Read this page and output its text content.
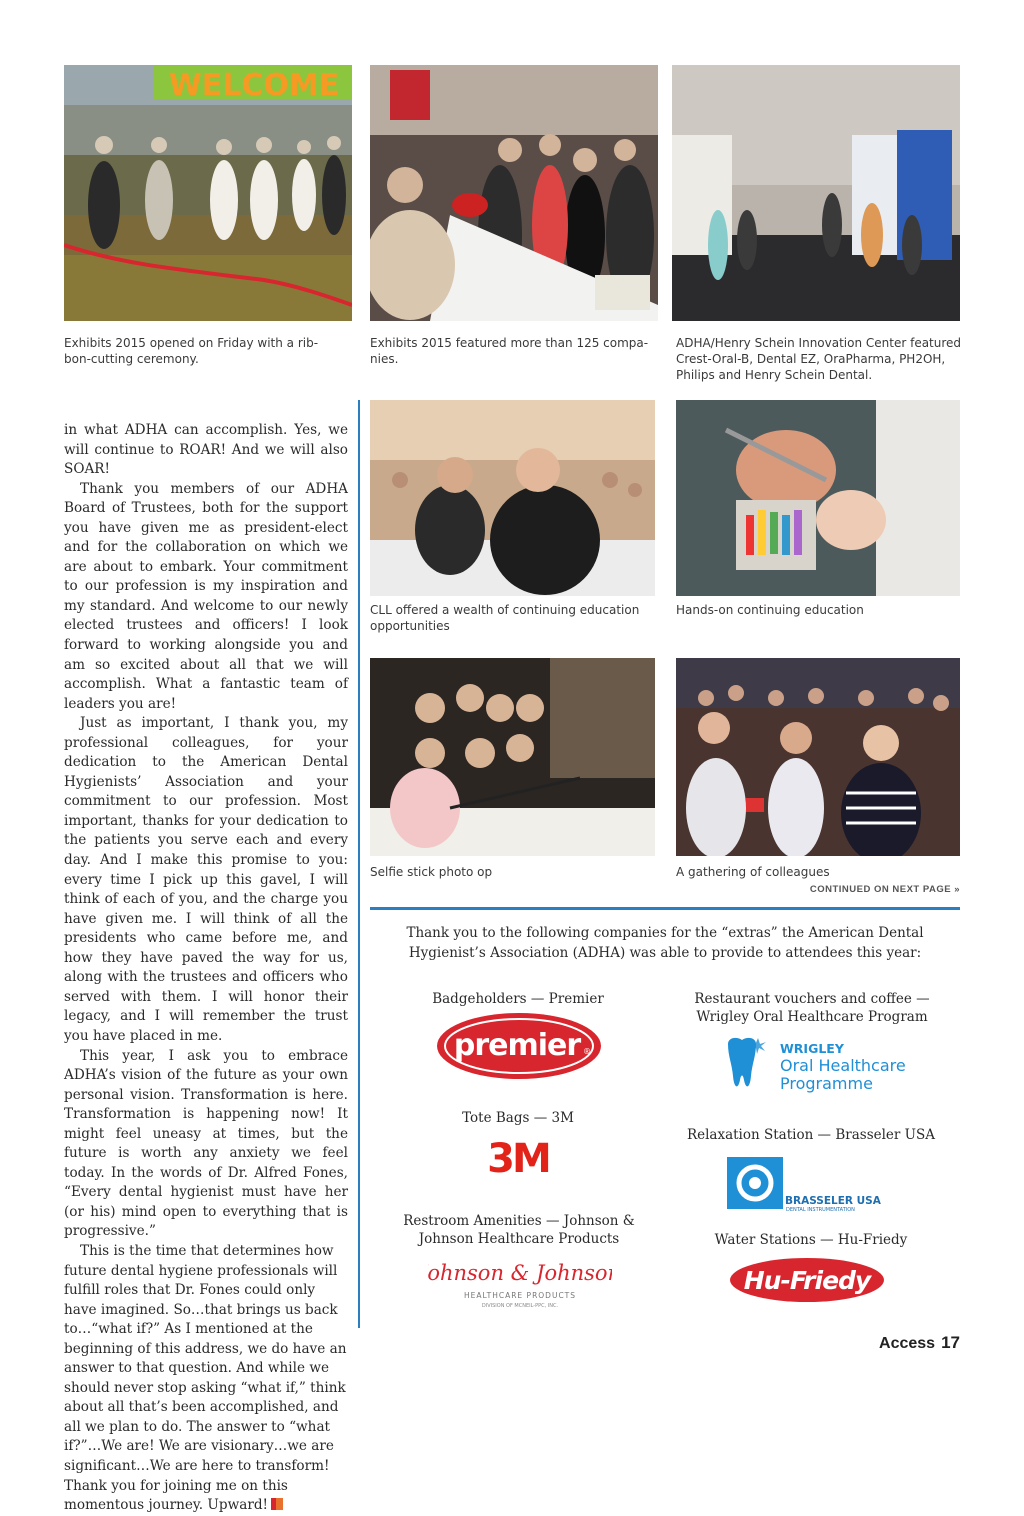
WELCOME
Exhibits 2015 opened on Friday with a rib-
bon-cutting ceremony.
Exhibits 2015 featured more than 125 compa-
nies.
ADHA/Henry Schein Innovation Center featured
Crest-Oral-B, Dental EZ, OraPharma, PH2OH,
Philips and Henry Schein Dental.
CLL offered a wealth of continuing education
opportunities
Hands-on continuing education
Selfie stick photo op	A gathering of colleagues

in what ADHA can accomplish. Yes, we will continue to ROAR! And we will also SOAR!

Thank you members of our ADHA Board of Trustees, both for the support you have given me as president-elect and for the collaboration on which we are about to embark. Your commitment to our profession is my inspiration and my standard. And welcome to our newly elected trustees and officers! I look forward to working alongside you and am so excited about all that we will accomplish. What a fantastic team of leaders you are!

Just as important, I thank you, my professional colleagues, for your dedication to the American Dental Hygienists’ Association and your commitment to our profession. Most important, thanks for your dedication to the patients you serve each and every day. And I make this promise to you: every time I pick up this gavel, I will think of each of you, and the charge you have given me. I will think of all the presidents who came before me, and how they have paved the way for us, along with the trustees and officers who served with them. I will honor their legacy, and I will remember the trust you have placed in me.

This year, I ask you to embrace ADHA’s vision of the future as your own personal vision. Transformation is here. Transformation is happening now! It might feel uneasy at times, but the future is worth any anxiety we feel today. In the words of Dr. Alfred Fones, “Every dental hygienist must have her (or his) mind open to everything that is progressive.”

This is the time that determines how future dental hygiene professionals will fulfill roles that Dr. Fones could only have imagined. So…that brings us back to…“what if?” As I mentioned at the beginning of this address, we do have an answer to that question. And while we should never stop asking “what if,” think about all that’s been accomplished, and all we plan to do. The answer to “what if?”…We are! We are visionary…we are significant…We are here to transform! Thank you for joining me on this momentous journey. Upward!

CONTINUED ON NEXT PAGE »
Thank you to the following companies for the “extras” the American Dental Hygienist’s Association (ADHA) was able to provide to attendees this year:
Badgeholders — Premier
premier ®
Restaurant vouchers and coffee — Wrigley Oral Healthcare Program
WRIGLEY
Oral Healthcare
Programme
Tote Bags — 3M
3M
Relaxation Station — Brasseler USA
BRASSELER USA
DENTAL INSTRUMENTATION
Restroom Amenities — Johnson & Johnson Healthcare Products
Johnson & Johnson
HEALTHCARE PRODUCTS
DIVISION OF MCNEIL-PPC, INC.
Water Stations — Hu-Friedy
Hu-Friedy
Access 17
